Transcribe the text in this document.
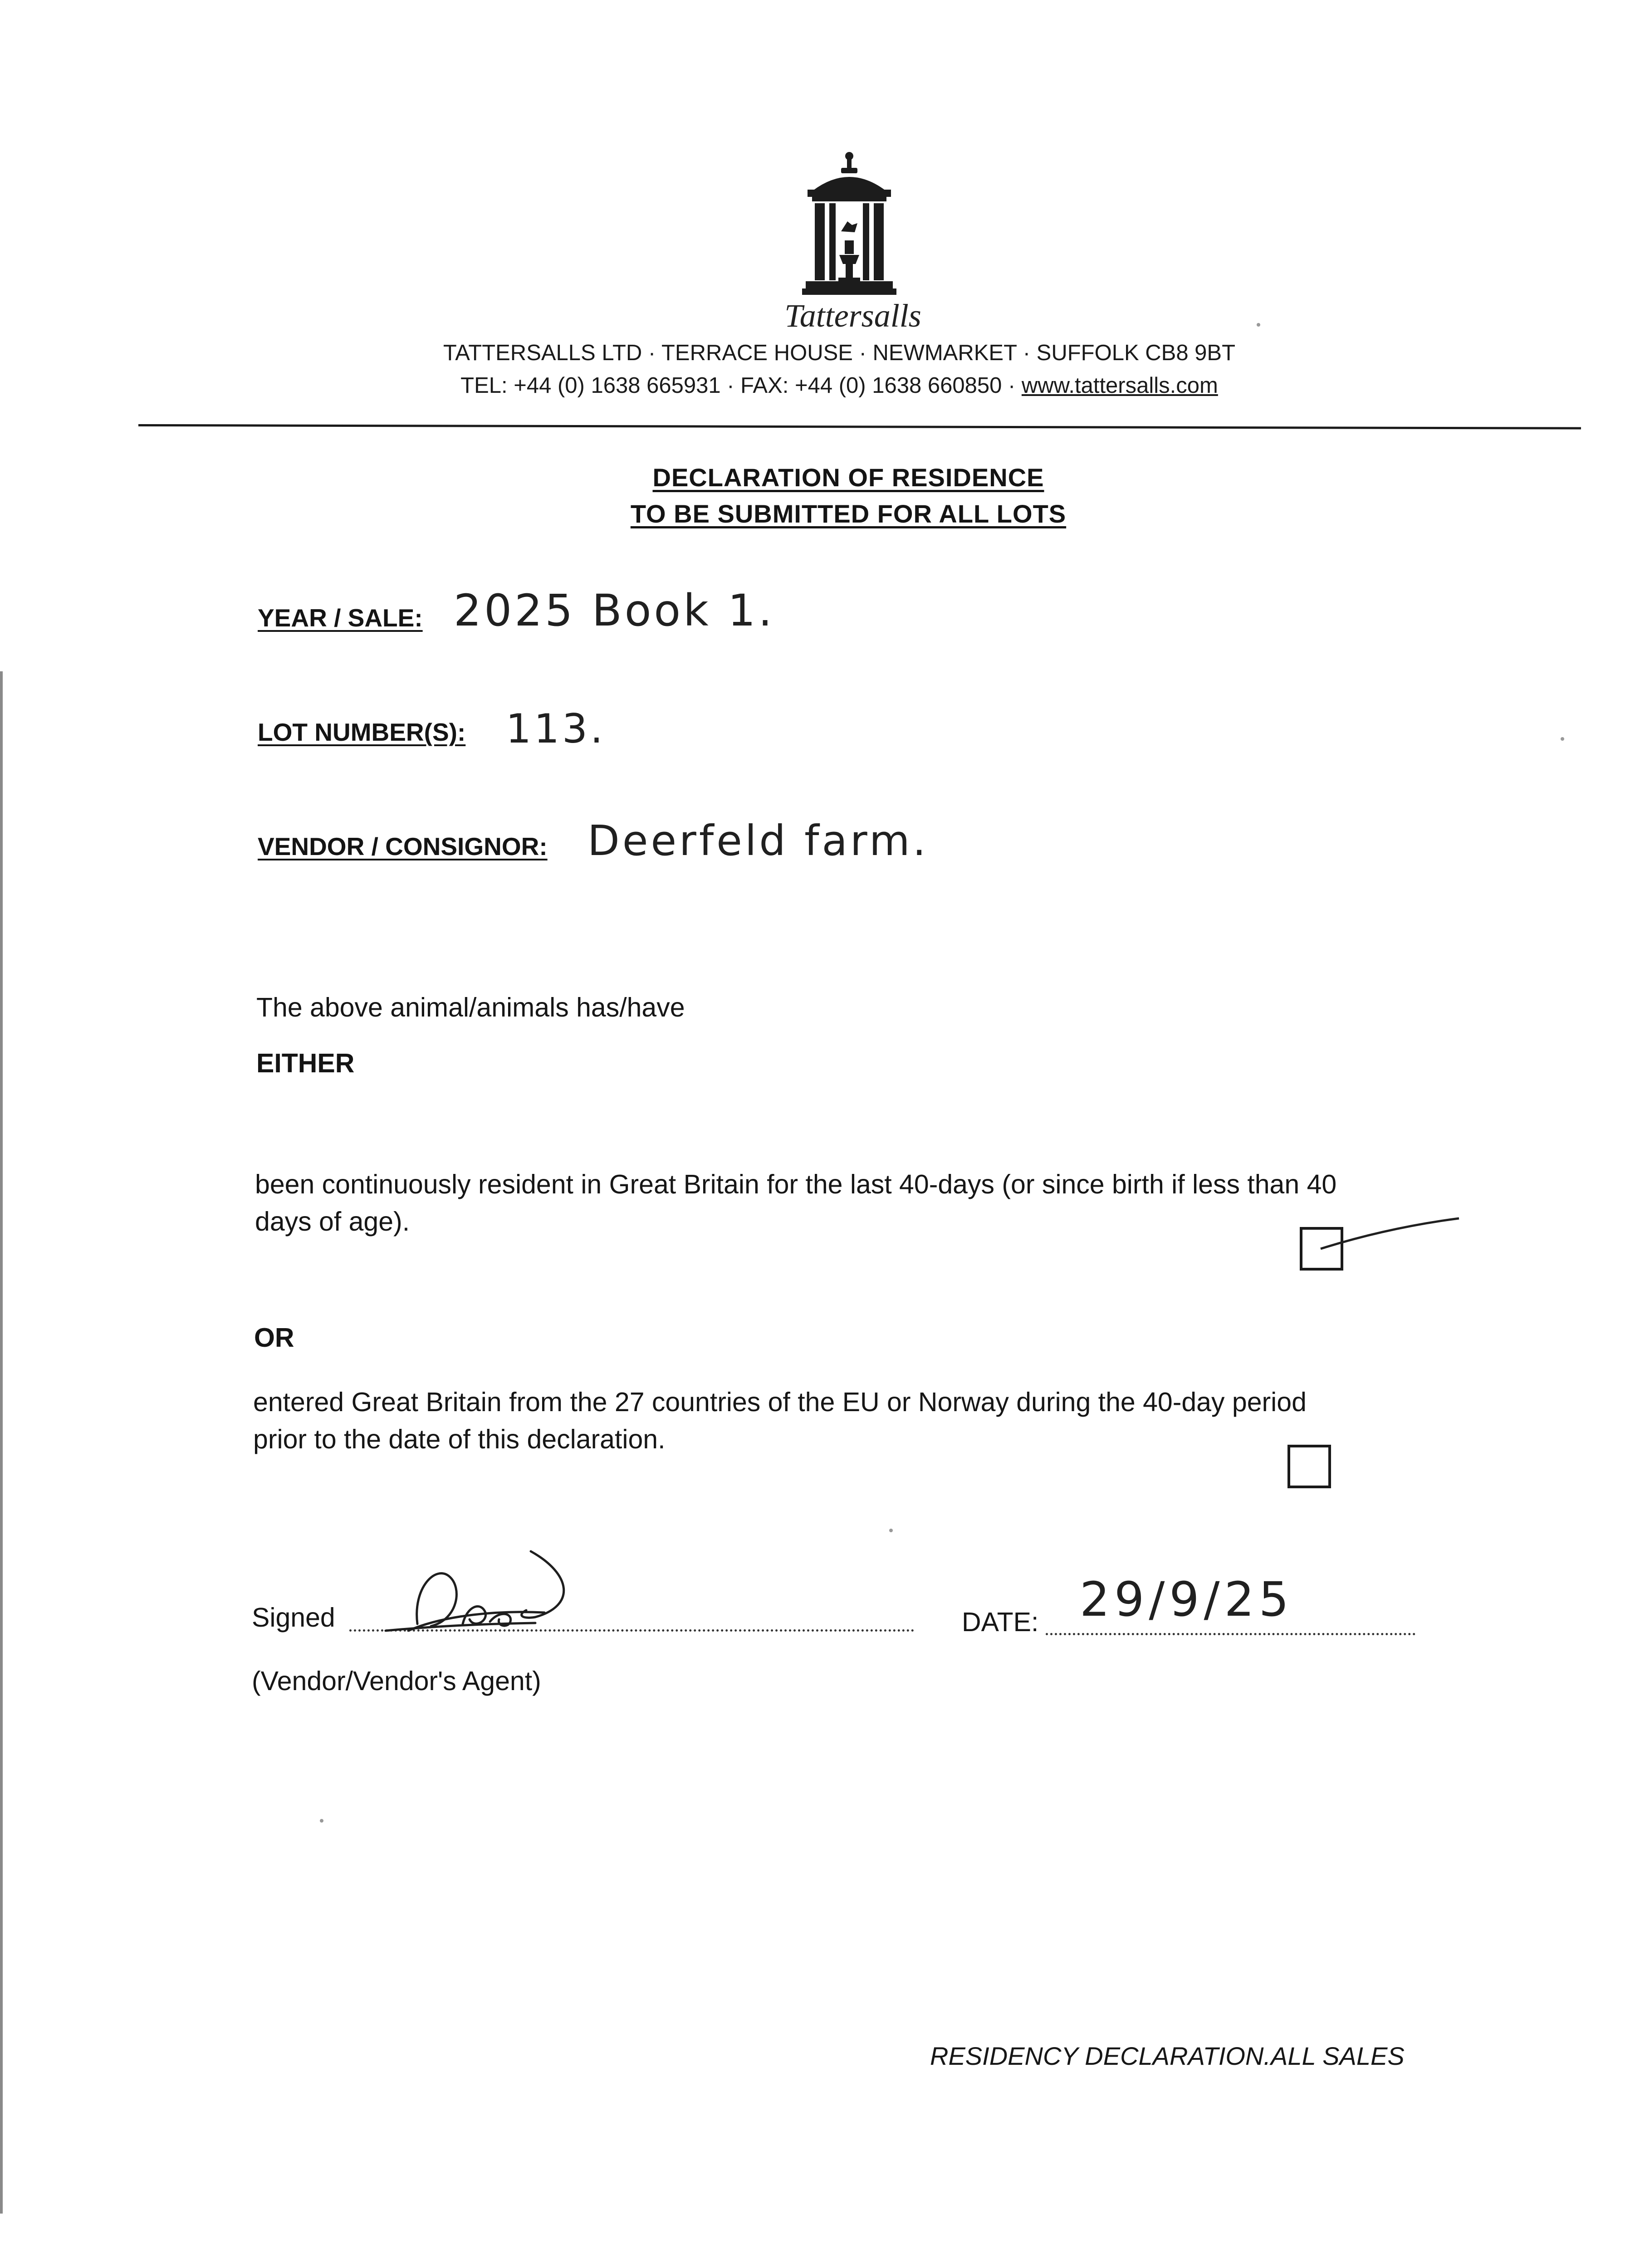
Tattersalls
TATTERSALLS LTD · TERRACE HOUSE · NEWMARKET · SUFFOLK CB8 9BT
TEL: +44 (0) 1638 665931 · FAX: +44 (0) 1638 660850 · www.tattersalls.com
DECLARATION OF RESIDENCE
TO BE SUBMITTED FOR ALL LOTS
YEAR / SALE: 2025 Book 1.
LOT NUMBER(S): 113.
VENDOR / CONSIGNOR: Deerfeld farm.
The above animal/animals has/have
EITHER
been continuously resident in Great Britain for the last 40-days (or since birth if less than 40
days of age).
OR
entered Great Britain from the 27 countries of the EU or Norway during the 40-day period
prior to the date of this declaration.
Signed
(Vendor/Vendor's Agent)
DATE: 29/9/25
RESIDENCY DECLARATION.ALL SALES
